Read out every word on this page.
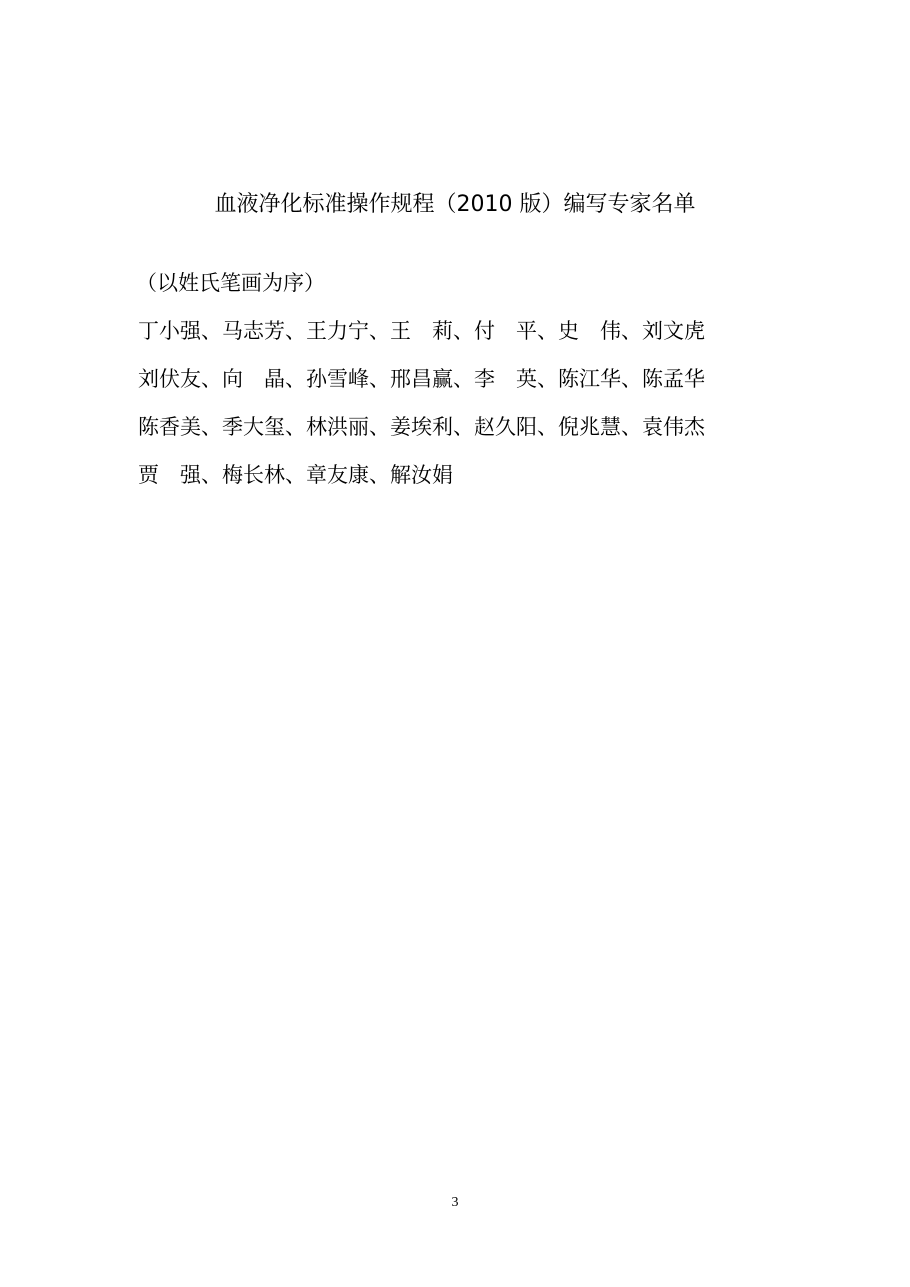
血液净化标准操作规程（2010 版）编写专家名单
（以姓氏笔画为序）
丁小强、马志芳、王力宁、王　莉、付　平、史　伟、刘文虎
刘伏友、向　晶、孙雪峰、邢昌赢、李　英、陈江华、陈孟华
陈香美、季大玺、林洪丽、姜埃利、赵久阳、倪兆慧、袁伟杰
贾　强、梅长林、章友康、解汝娟
3
